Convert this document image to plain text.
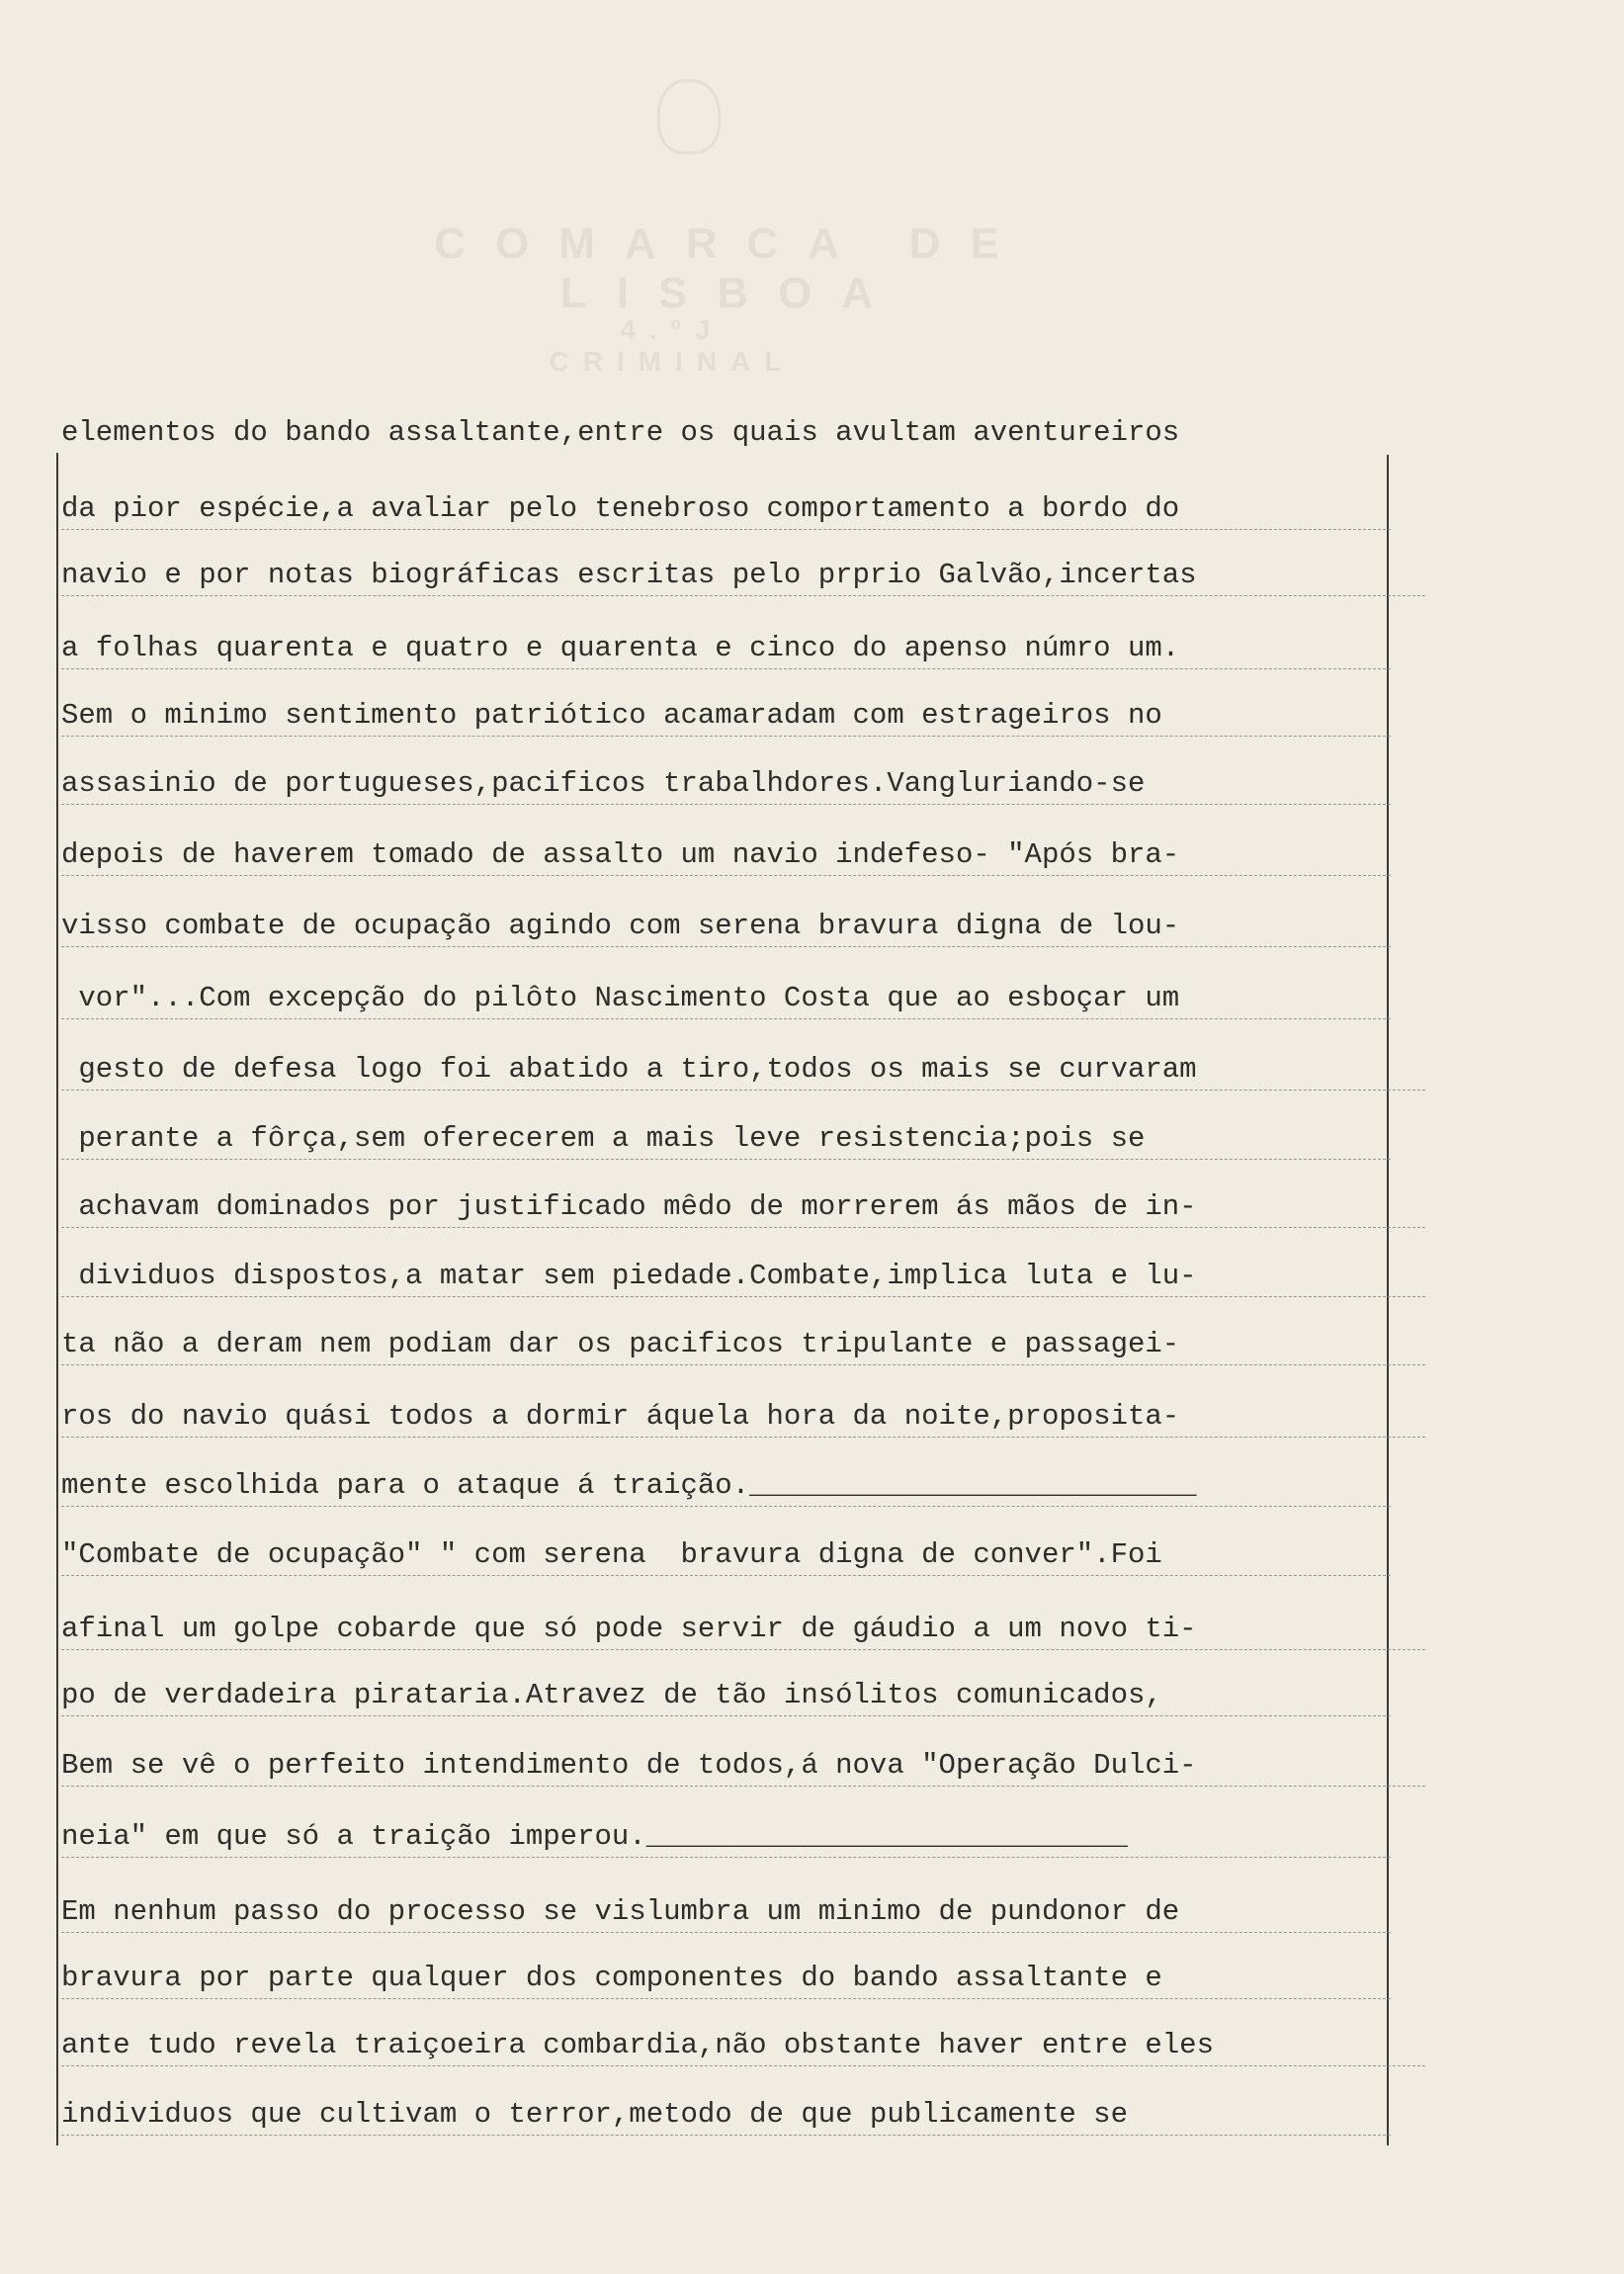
COMARCA DE LISBOA
4.ºJ CRIMINAL
elementos do bando assaltante,entre os quais avultam aventureiros
da pior espécie,a avaliar pelo tenebroso comportamento a bordo do
navio e por notas biográficas escritas pelo prprio Galvão,incertas
a folhas quarenta e quatro e quarenta e cinco do apenso númro um.
Sem o minimo sentimento patriótico acamaradam com estrageiros no
assasinio de portugueses,pacificos trabalhdores.Vangluriando-se
depois de haverem tomado de assalto um navio indefeso- "Após bra-
visso combate de ocupação agindo com serena bravura digna de lou-
vor"...Com excepção do pilôto Nascimento Costa que ao esboçar um
gesto de defesa logo foi abatido a tiro,todos os mais se curvaram
perante a fôrça,sem oferecerem a mais leve resistencia;pois se
achavam dominados por justificado mêdo de morrerem ás mãos de in-
dividuos dispostos,a matar sem piedade.Combate,implica luta e lu-
ta não a deram nem podiam dar os pacificos tripulante e passagei-
ros do navio quási todos a dormir áquela hora da noite,proposita-
mente escolhida para o ataque á traição.__________________________
"Combate de ocupação" " com serena  bravura digna de conver".Foi
afinal um golpe cobarde que só pode servir de gáudio a um novo ti-
po de verdadeira pirataria.Atravez de tão insólitos comunicados,
Bem se vê o perfeito intendimento de todos,á nova "Operação Dulci-
neia" em que só a traição imperou.____________________________
Em nenhum passo do processo se vislumbra um minimo de pundonor de
bravura por parte qualquer dos componentes do bando assaltante e
ante tudo revela traiçoeira combardia,não obstante haver entre eles
individuos que cultivam o terror,metodo de que publicamente se
